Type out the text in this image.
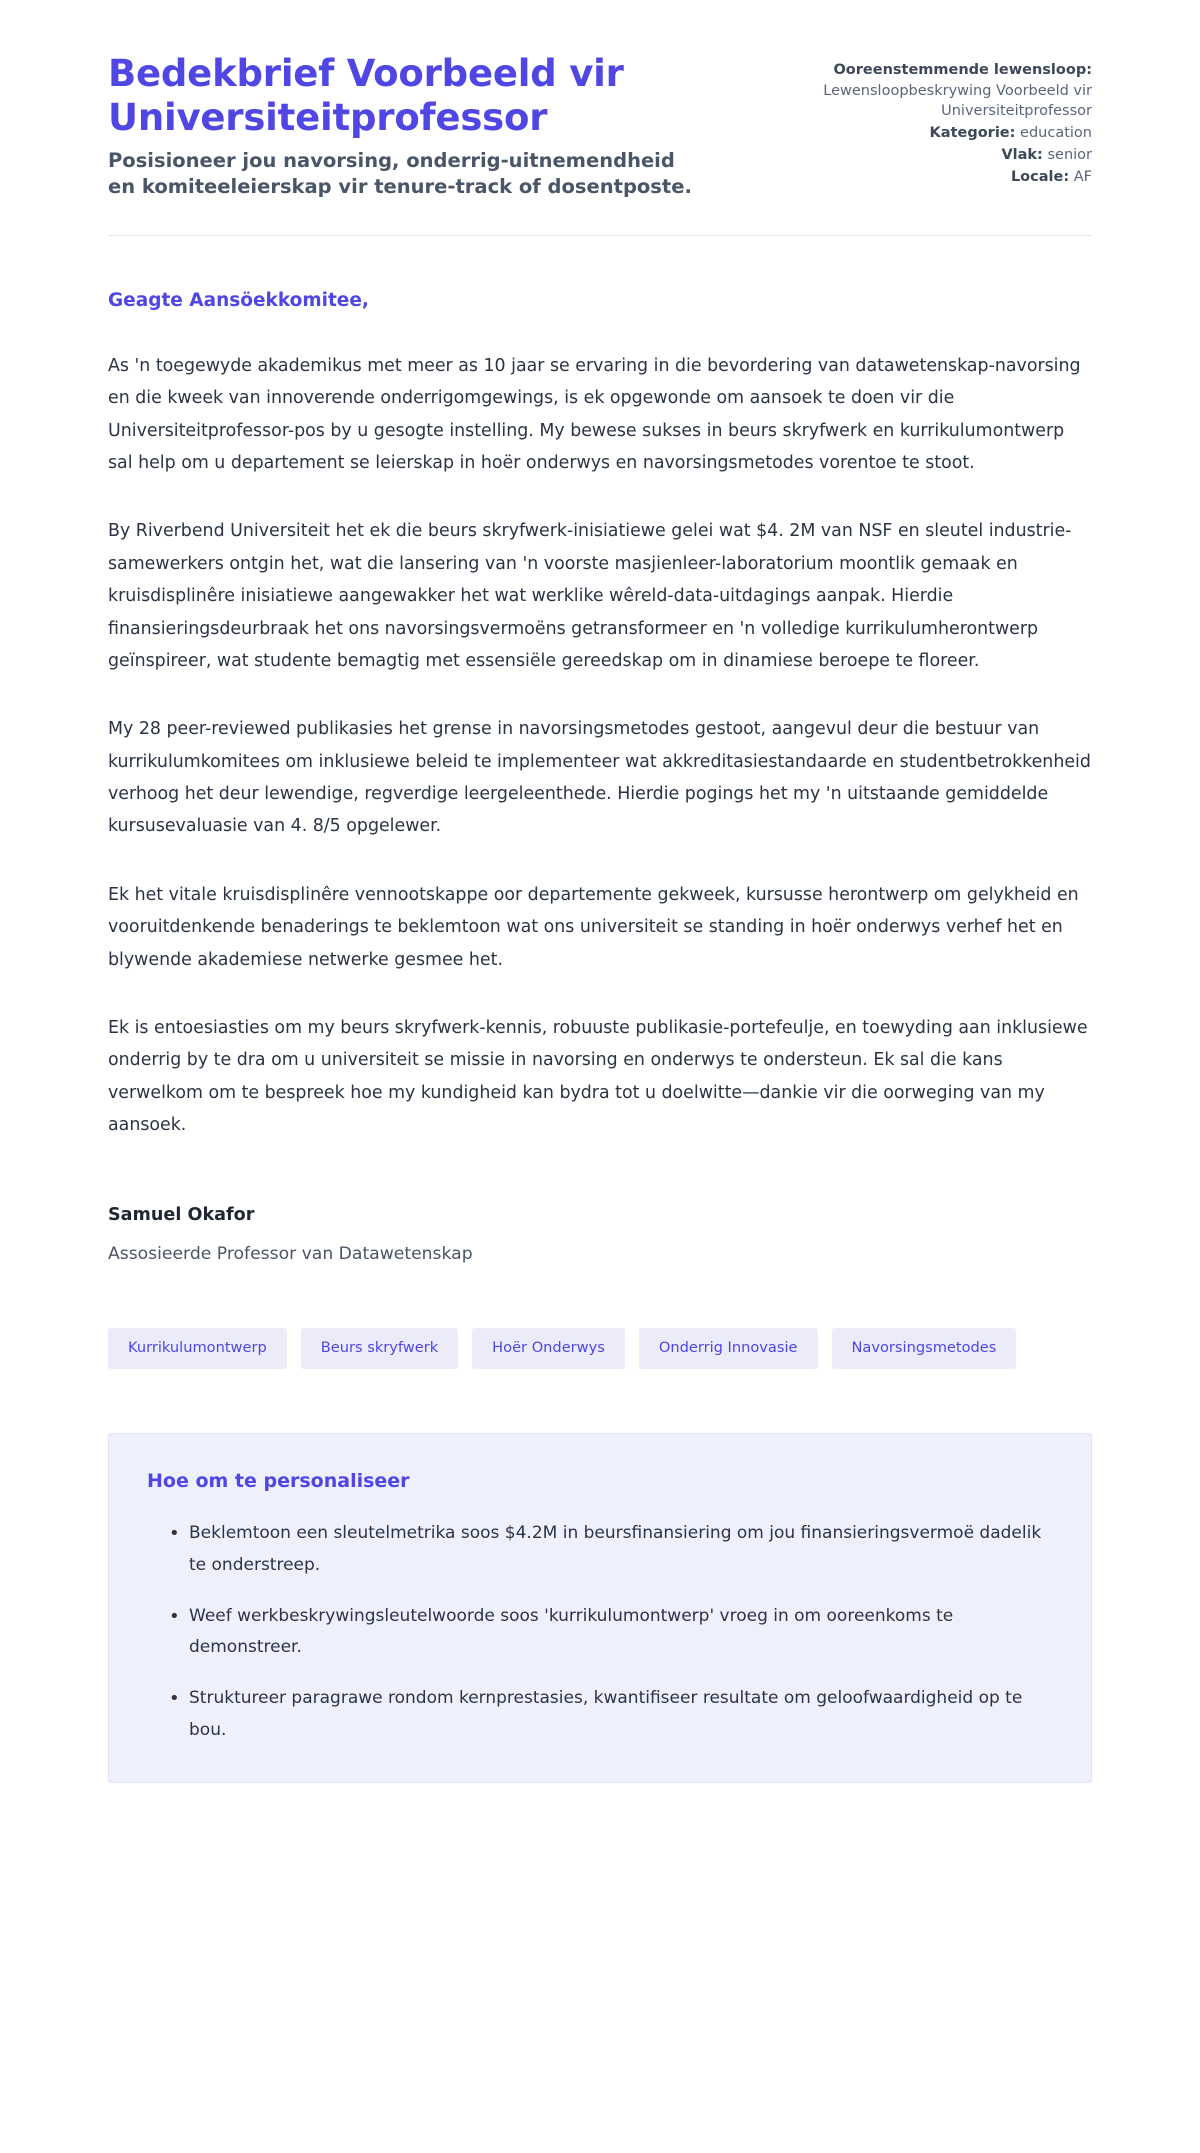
Bedekbrief Voorbeeld vir Universiteitprofessor

Posisioneer jou navorsing, onderrig-uitnemendheid en komiteeleierskap vir tenure-track of dosentposte.

Ooreenstemmende lewensloop:
Lewensloopbeskrywing Voorbeeld vir Universiteitprofessor
Kategorie: education
Vlak: senior
Locale: AF

Geagte Aansöekkomitee,

As 'n toegewyde akademikus met meer as 10 jaar se ervaring in die bevordering van datawetenskap-navorsing en die kweek van innoverende onderrigomgewings, is ek opgewonde om aansoek te doen vir die Universiteitprofessor-pos by u gesogte instelling. My bewese sukses in beurs skryfwerk en kurrikulumontwerp sal help om u departement se leierskap in hoër onderwys en navorsingsmetodes vorentoe te stoot.

By Riverbend Universiteit het ek die beurs skryfwerk-inisiatiewe gelei wat $4. 2M van NSF en sleutel industrie-samewerkers ontgin het, wat die lansering van 'n voorste masjienleer-laboratorium moontlik gemaak en kruisdisplinêre inisiatiewe aangewakker het wat werklike wêreld-data-uitdagings aanpak. Hierdie finansieringsdeurbraak het ons navorsingsvermoëns getransformeer en 'n volledige kurrikulumherontwerp geïnspireer, wat studente bemagtig met essensiële gereedskap om in dinamiese beroepe te floreer.

My 28 peer-reviewed publikasies het grense in navorsingsmetodes gestoot, aangevul deur die bestuur van kurrikulumkomitees om inklusiewe beleid te implementeer wat akkreditasiestandaarde en studentbetrokkenheid verhoog het deur lewendige, regverdige leergeleenthede. Hierdie pogings het my 'n uitstaande gemiddelde kursusevaluasie van 4. 8/5 opgelewer.

Ek het vitale kruisdisplinêre vennootskappe oor departemente gekweek, kursusse herontwerp om gelykheid en vooruitdenkende benaderings te beklemtoon wat ons universiteit se standing in hoër onderwys verhef het en blywende akademiese netwerke gesmee het.

Ek is entoesiasties om my beurs skryfwerk-kennis, robuuste publikasie-portefeulje, en toewyding aan inklusiewe onderrig by te dra om u universiteit se missie in navorsing en onderwys te ondersteun. Ek sal die kans verwelkom om te bespreek hoe my kundigheid kan bydra tot u doelwitte—dankie vir die oorweging van my aansoek.

Samuel Okafor

Assosieerde Professor van Datawetenskap

Kurrikulumontwerp	Beurs skryfwerk	Hoër Onderwys	Onderrig Innovasie	Navorsingsmetodes
Hoe om te personaliseer
• Beklemtoon een sleutelmetrika soos $4.2M in beursfinansiering om jou finansieringsvermoë dadelik te onderstreep.
• Weef werkbeskrywingsleutelwoorde soos 'kurrikulumontwerp' vroeg in om ooreenkoms te demonstreer.
• Struktureer paragrawe rondom kernprestasies, kwantifiseer resultate om geloofwaardigheid op te bou.
